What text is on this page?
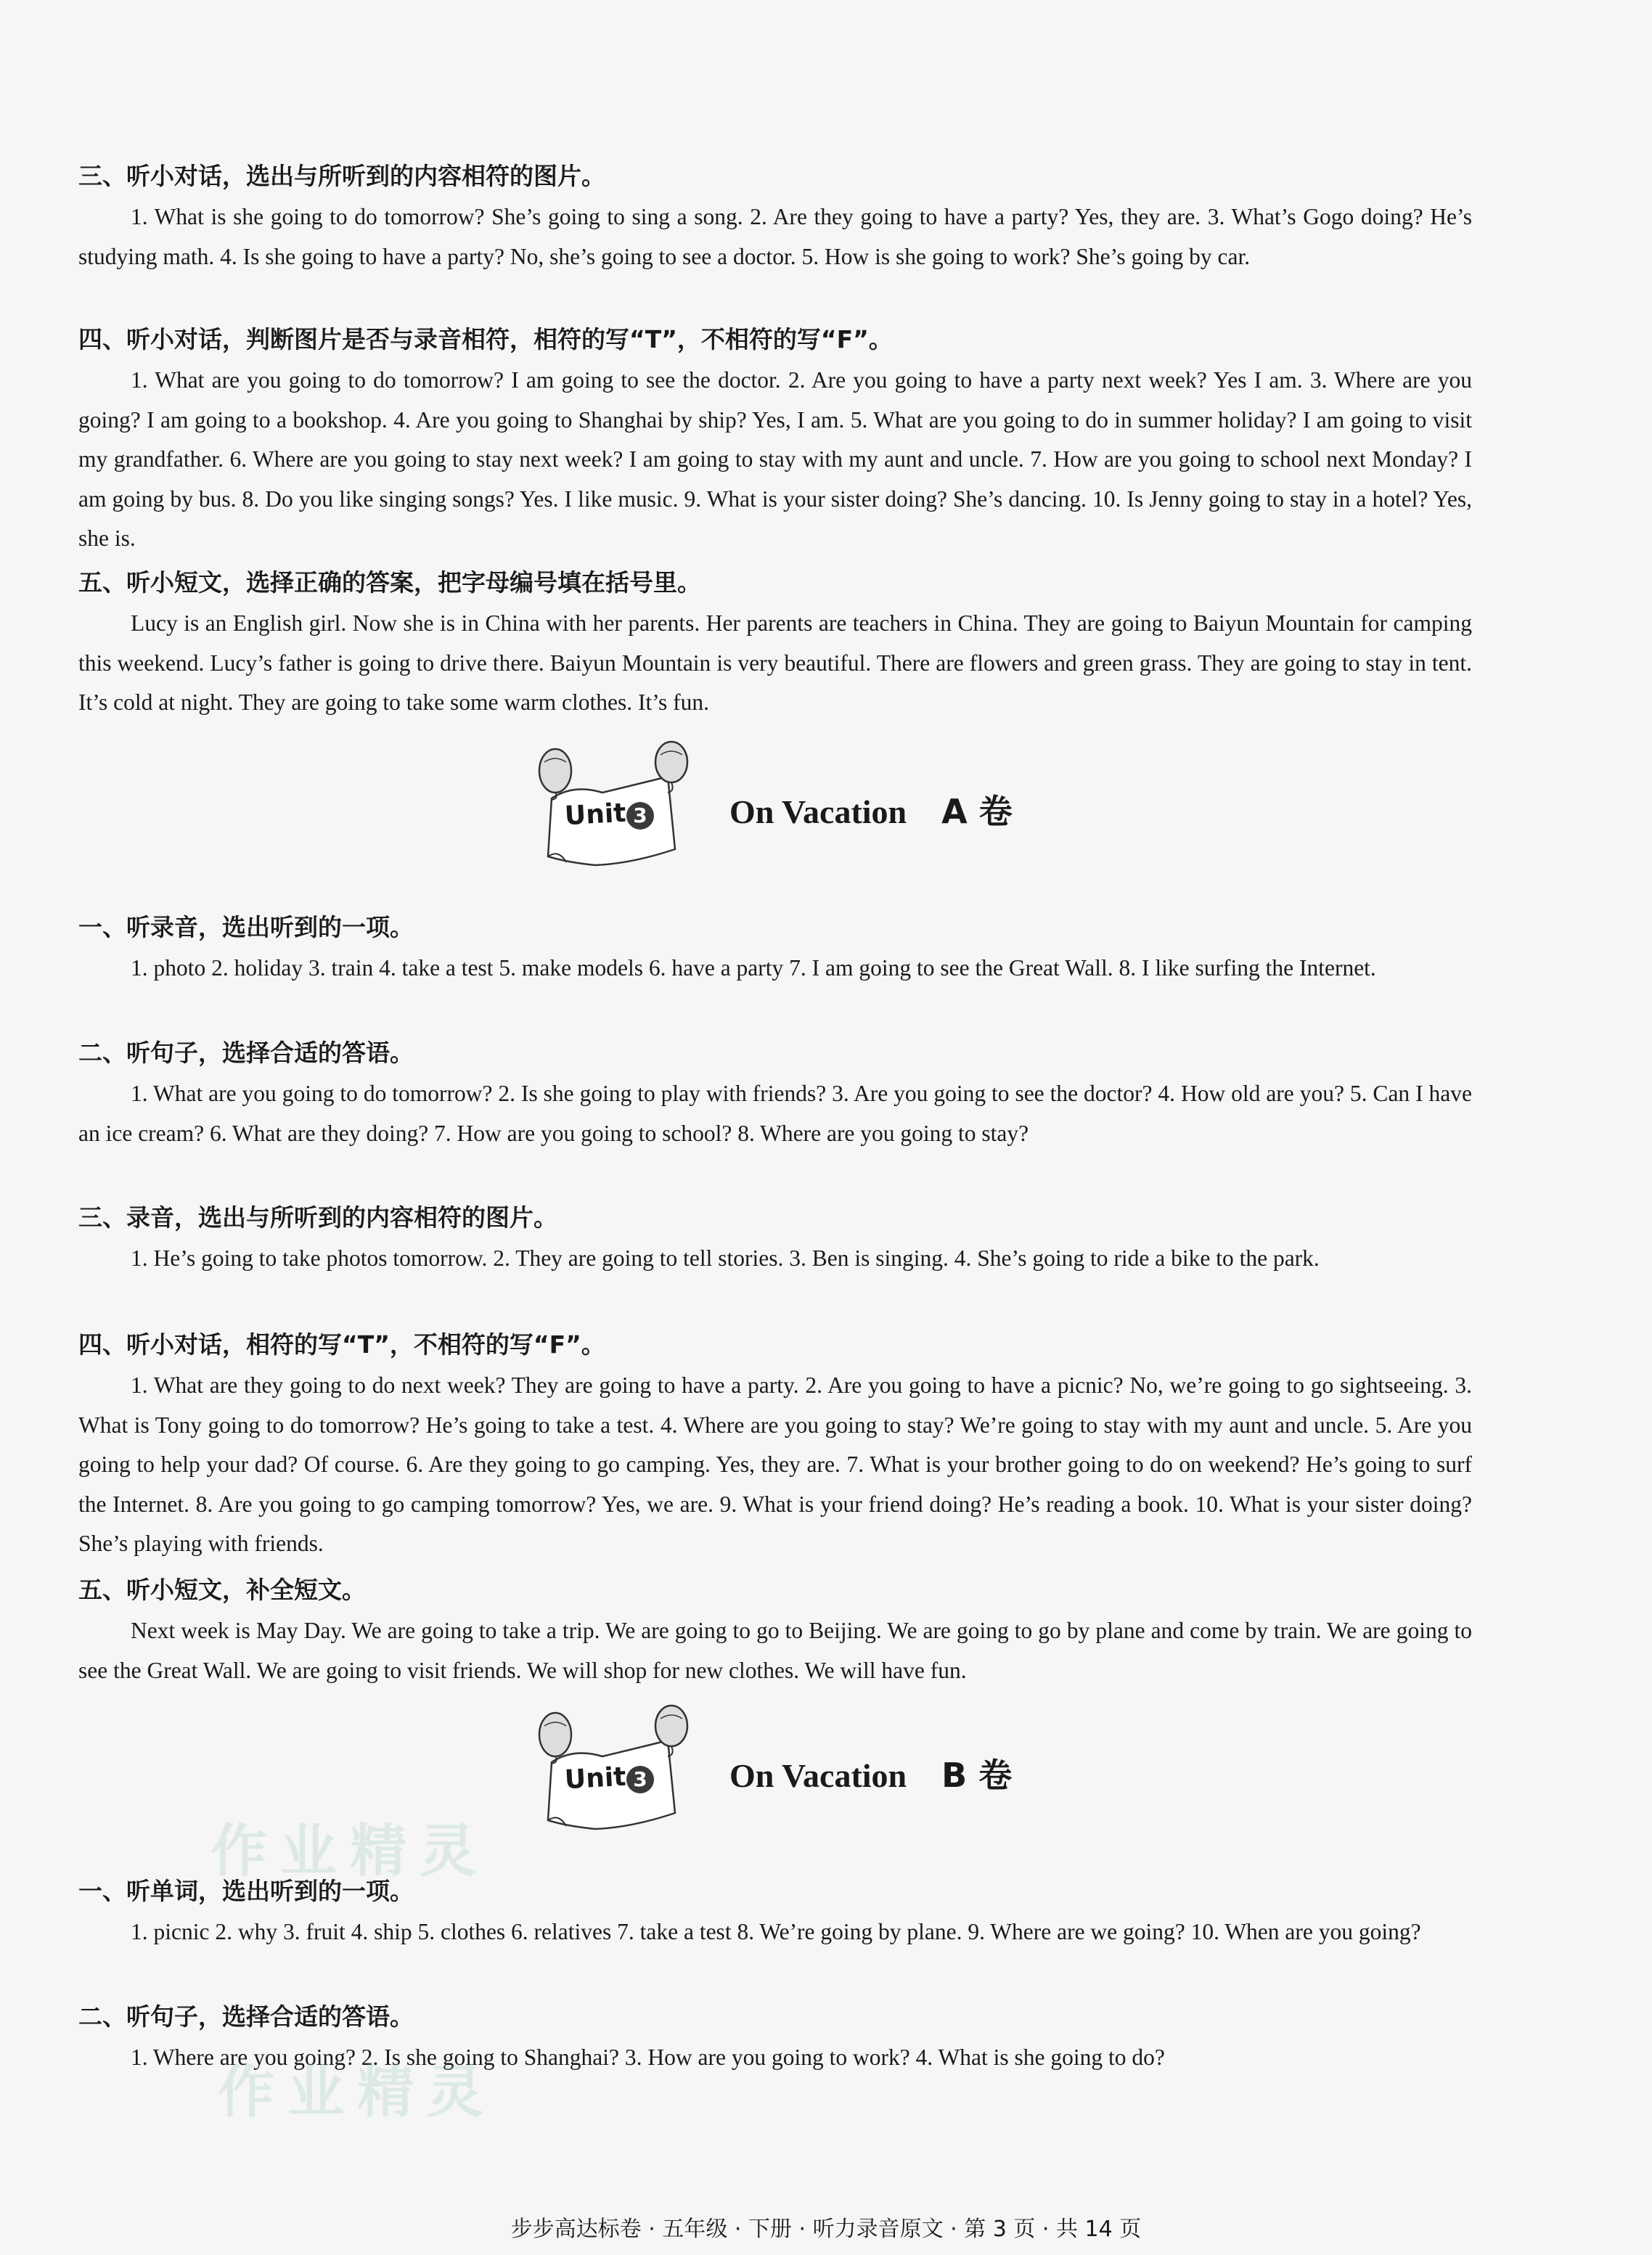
三、听小对话，选出与所听到的内容相符的图片。

1. What is she going to do tomorrow? She’s going to sing a song. 2. Are they going to have a party? Yes, they are. 3. What’s Gogo doing? He’s studying math. 4. Is she going to have a party? No, she’s going to see a doctor. 5. How is she going to work? She’s going by car.

四、听小对话，判断图片是否与录音相符，相符的写“T”，不相符的写“F”。

1. What are you going to do tomorrow? I am going to see the doctor. 2. Are you going to have a party next week? Yes I am. 3. Where are you going? I am going to a bookshop. 4. Are you going to Shanghai by ship? Yes, I am. 5. What are you going to do in summer holiday? I am going to visit my grandfather. 6. Where are you going to stay next week? I am going to stay with my aunt and uncle. 7. How are you going to school next Monday? I am going by bus. 8. Do you like singing songs? Yes. I like music. 9. What is your sister doing? She’s dancing. 10. Is Jenny going to stay in a hotel? Yes, she is.

五、听小短文，选择正确的答案，把字母编号填在括号里。

Lucy is an English girl. Now she is in China with her parents. Her parents are teachers in China. They are going to Baiyun Mountain for camping this weekend. Lucy’s father is going to drive there. Baiyun Mountain is very beautiful. There are flowers and green grass. They are going to stay in tent. It’s cold at night. They are going to take some warm clothes. It’s fun.

Unit 3 On Vacation A 卷
一、听录音，选出听到的一项。

1. photo 2. holiday 3. train 4. take a test 5. make models 6. have a party 7. I am going to see the Great Wall. 8. I like surfing the Internet.

二、听句子，选择合适的答语。

1. What are you going to do tomorrow? 2. Is she going to play with friends? 3. Are you going to see the doctor? 4. How old are you? 5. Can I have an ice cream? 6. What are they doing? 7. How are you going to school? 8. Where are you going to stay?

三、录音，选出与所听到的内容相符的图片。

1. He’s going to take photos tomorrow. 2. They are going to tell stories. 3. Ben is singing. 4. She’s going to ride a bike to the park.

四、听小对话，相符的写“T”，不相符的写“F”。

1. What are they going to do next week? They are going to have a party. 2. Are you going to have a picnic? No, we’re going to go sightseeing. 3. What is Tony going to do tomorrow? He’s going to take a test. 4. Where are you going to stay? We’re going to stay with my aunt and uncle. 5. Are you going to help your dad? Of course. 6. Are they going to go camping. Yes, they are. 7. What is your brother going to do on weekend? He’s going to surf the Internet. 8. Are you going to go camping tomorrow? Yes, we are. 9. What is your friend doing? He’s reading a book. 10. What is your sister doing? She’s playing with friends.

五、听小短文，补全短文。

Next week is May Day. We are going to take a trip. We are going to go to Beijing. We are going to go by plane and come by train. We are going to see the Great Wall. We are going to visit friends. We will shop for new clothes. We will have fun.

Unit 3 On Vacation B 卷
作业精灵
一、听单词，选出听到的一项。

1. picnic 2. why 3. fruit 4. ship 5. clothes 6. relatives 7. take a test 8. We’re going by plane. 9. Where are we going? 10. When are you going?

二、听句子，选择合适的答语。

1. Where are you going? 2. Is she going to Shanghai? 3. How are you going to work? 4. What is she going to do?

作业精灵
步步高达标卷 · 五年级 · 下册 · 听力录音原文 · 第 3 页 · 共 14 页
